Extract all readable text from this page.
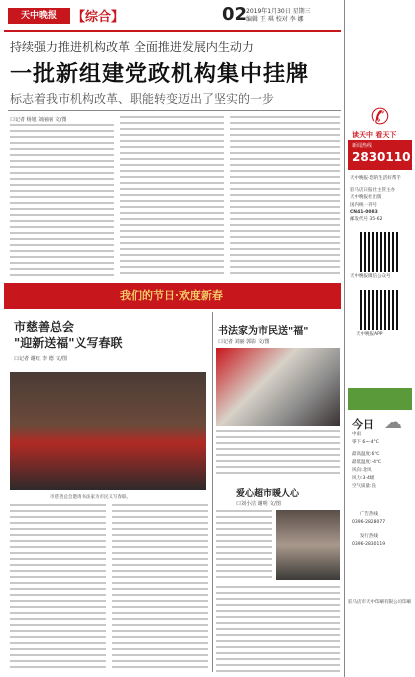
天中晚报	【综合】	02
2019年1月30日 星期三
编辑 王 琪 校对 李 娜
持续强力推进机构改革 全面推进发展内生动力
一批新组建党政机构集中挂牌
标志着我市机构改革、职能转变迈出了坚实的一步
口记者 杨旭 刘丽丽 文/图
我们的节日·欢度新春
市慈善总会
"迎新送福"义写春联
口记者 谢红 李 德 文/图
市慈善总会邀请书法家为市民义写春联。
书法家为市民送"福"
口记者 刘丽 郭影 文/图
爱心超市暖人心
口刘小洁 谢明 文/图
✆
读天中 看天下
新闻热线
2830110
天中晚报·您的生活好帮手
驻马店日报社主管主办
天中晚报社出版
国内统一刊号
CN41-0083
邮发代号 35-62
天中晚报微信公众号
天中晚报APP
今日 ☁
中雨
零下 6~-4°C
最高温度:6℃
最低温度:-4℃
风向:北风
风力:3-4级
空气质量:良
广告热线
0396-2828077
发行热线
0396-2830119
驻马店市天中印刷有限公司印刷
